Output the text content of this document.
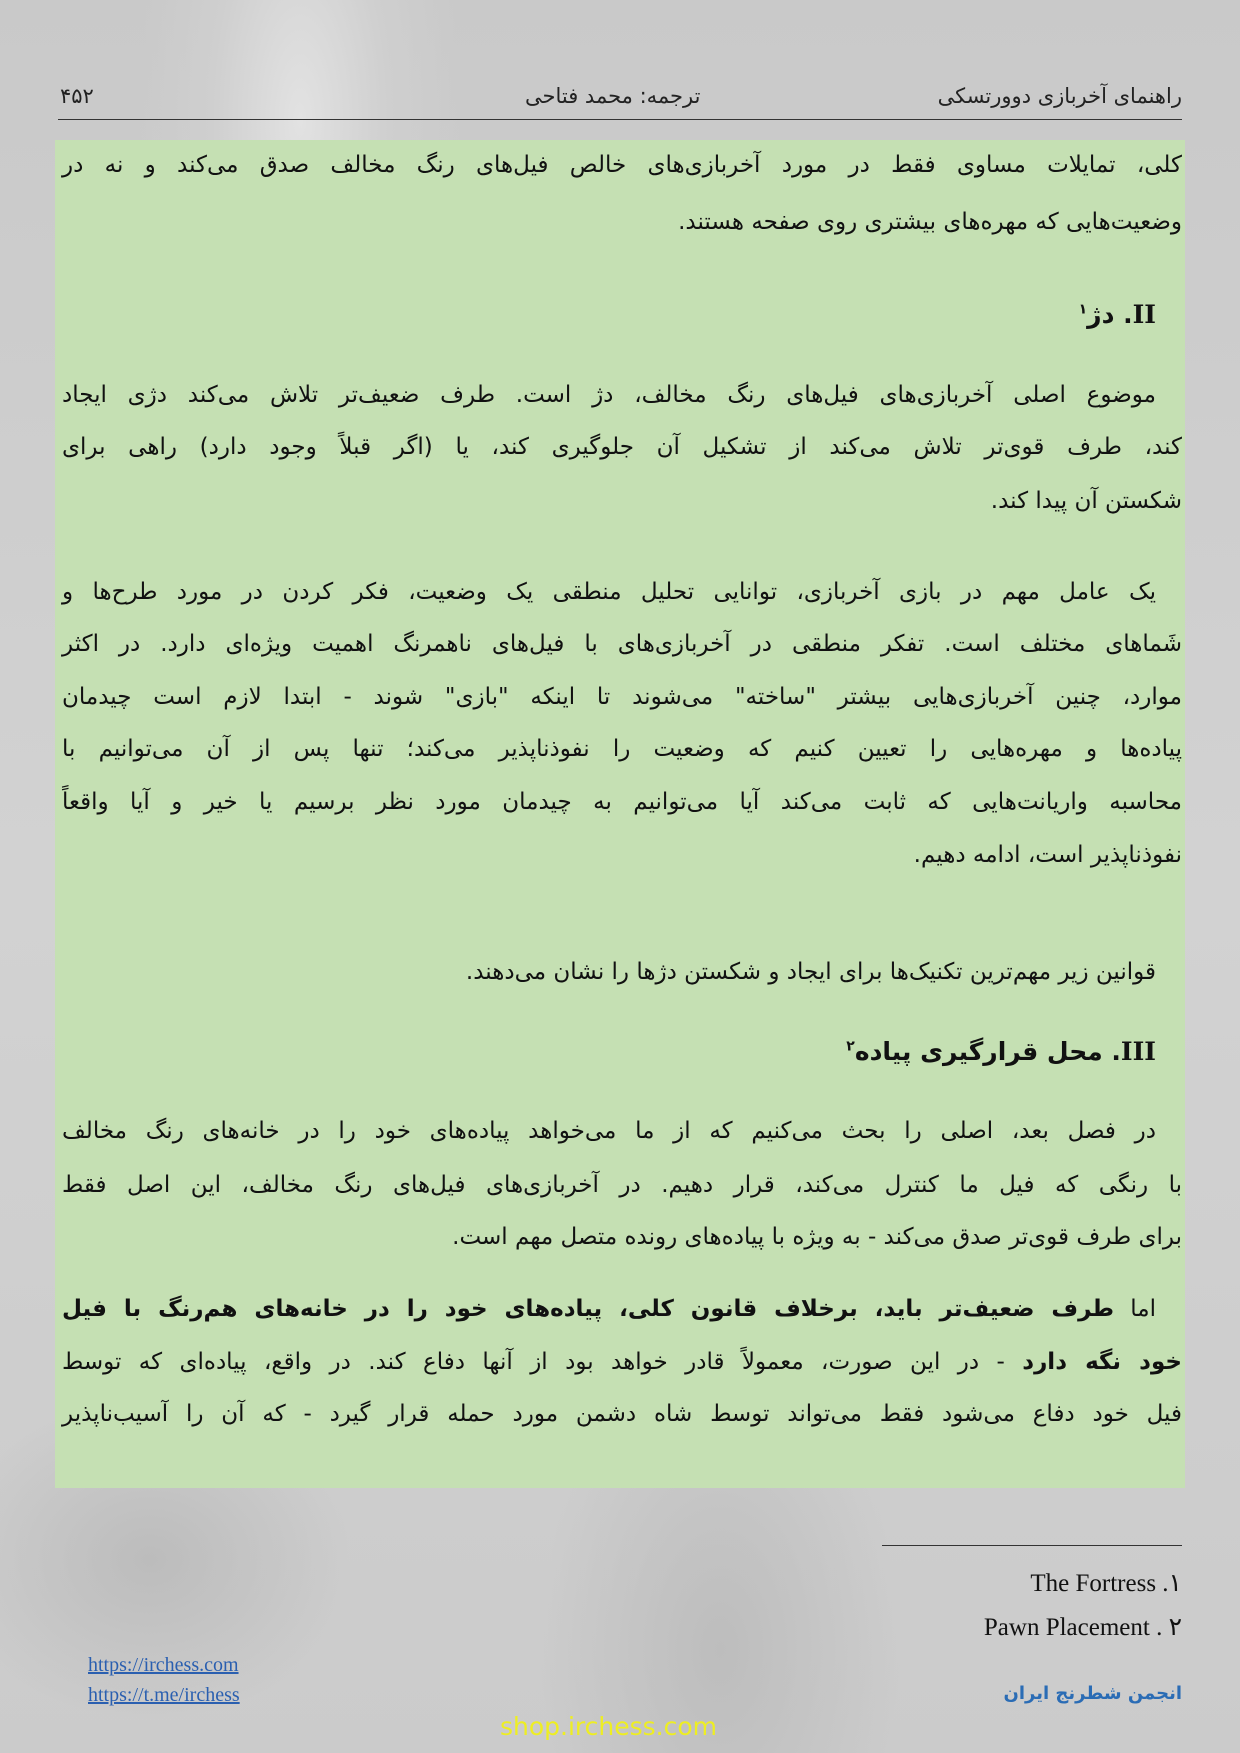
راهنمای آخربازی دوورتسکی
ترجمه: محمد فتاحی
۴۵۲
کلی، تمایلات مساوی فقط در مورد آخربازی‌های خالص فیل‌های رنگ مخالف صدق می‌کند و نه در
وضعیت‌هایی که مهره‌های بیشتری روی صفحه هستند.
II. دژ$^۱$
موضوع اصلی آخربازی‌های فیل‌های رنگ مخالف، دژ است. طرف ضعیف‌تر تلاش می‌کند دژی ایجاد
کند، طرف قوی‌تر تلاش می‌کند از تشکیل آن جلوگیری کند، یا (اگر قبلاً وجود دارد) راهی برای
شکستن آن پیدا کند.
یک عامل مهم در بازی آخربازی، توانایی تحلیل منطقی یک وضعیت، فکر کردن در مورد طرح‌ها و
شَماهای مختلف است. تفکر منطقی در آخربازی‌های با فیل‌های ناهمرنگ اهمیت ویژه‌ای دارد. در اکثر
موارد، چنین آخربازی‌هایی بیشتر "ساخته" می‌شوند تا اینکه "بازی" شوند - ابتدا لازم است چیدمان
پیاده‌ها و مهره‌هایی را تعیین کنیم که وضعیت را نفوذناپذیر می‌کند؛ تنها پس از آن می‌توانیم با
محاسبه واریانت‌هایی که ثابت می‌کند آیا می‌توانیم به چیدمان مورد نظر برسیم یا خیر و آیا واقعاً
نفوذناپذیر است، ادامه دهیم.
قوانین زیر مهم‌ترین تکنیک‌ها برای ایجاد و شکستن دژها را نشان می‌دهند.
III. محل قرارگیری پیاده$^۲$
در فصل بعد، اصلی را بحث می‌کنیم که از ما می‌خواهد پیاده‌های خود را در خانه‌های رنگ مخالف
با رنگی که فیل ما کنترل می‌کند، قرار دهیم. در آخربازی‌های فیل‌های رنگ مخالف، این اصل فقط
برای طرف قوی‌تر صدق می‌کند - به ویژه با پیاده‌های رونده متصل مهم است.
اما طرف ضعیف‌تر باید، برخلاف قانون کلی، پیاده‌های خود را در خانه‌های هم‌رنگ با فیل
خود نگه دارد - در این صورت، معمولاً قادر خواهد بود از آنها دفاع کند. در واقع، پیاده‌ای که توسط
فیل خود دفاع می‌شود فقط می‌تواند توسط شاه دشمن مورد حمله قرار گیرد - که آن را آسیب‌ناپذیر
The Fortress .۱
Pawn Placement . ۲
https://irchess.com
https://t.me/irchess	انجمن شطرنج ایران
shop.irchess.com
